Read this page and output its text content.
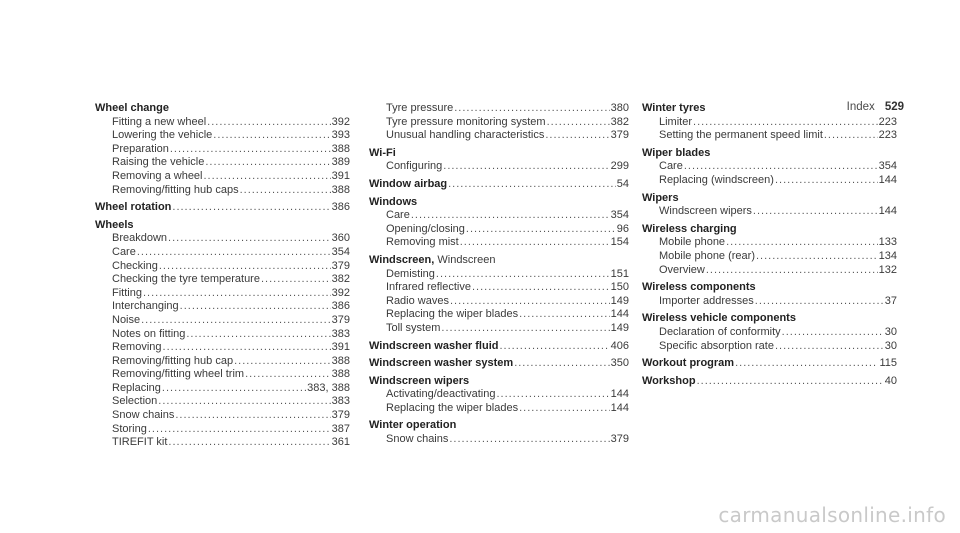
Index 529
Wheel change
Fitting a new wheel .....	392
Lowering the vehicle .....	393
Preparation .....	388
Raising the vehicle .....	389
Removing a wheel .....	391
Removing/fitting hub caps .....	388
Wheel rotation .....	386
Wheels
Breakdown .....	360
Care .....	354
Checking .....	379
Checking the tyre temperature .....	382
Fitting .....	392
Interchanging .....	386
Noise .....	379
Notes on fitting .....	383
Removing .....	391
Removing/fitting hub cap .....	388
Removing/fitting wheel trim .....	388
Replacing .....	383, 388
Selection .....	383
Snow chains .....	379
Storing .....	387
TIREFIT kit .....	361
Tyre pressure .....	380
Tyre pressure monitoring system .....	382
Unusual handling characteristics .....	379
Wi-Fi
Configuring .....	299
Window airbag .....	54
Windows
Care .....	354
Opening/closing .....	96
Removing mist .....	154
Windscreen, Windscreen
Demisting .....	151
Infrared reflective .....	150
Radio waves .....	149
Replacing the wiper blades .....	144
Toll system .....	149
Windscreen washer fluid .....	406
Windscreen washer system .....	350
Windscreen wipers
Activating/deactivating .....	144
Replacing the wiper blades .....	144
Winter operation
Snow chains .....	379
Winter tyres
Limiter .....	223
Setting the permanent speed limit .....	223
Wiper blades
Care .....	354
Replacing (windscreen) .....	144
Wipers
Windscreen wipers .....	144
Wireless charging
Mobile phone .....	133
Mobile phone (rear) .....	134
Overview .....	132
Wireless components
Importer addresses .....	37
Wireless vehicle components
Declaration of conformity .....	30
Specific absorption rate .....	30
Workout program .....	115
Workshop .....	40
carmanualsonline.info
